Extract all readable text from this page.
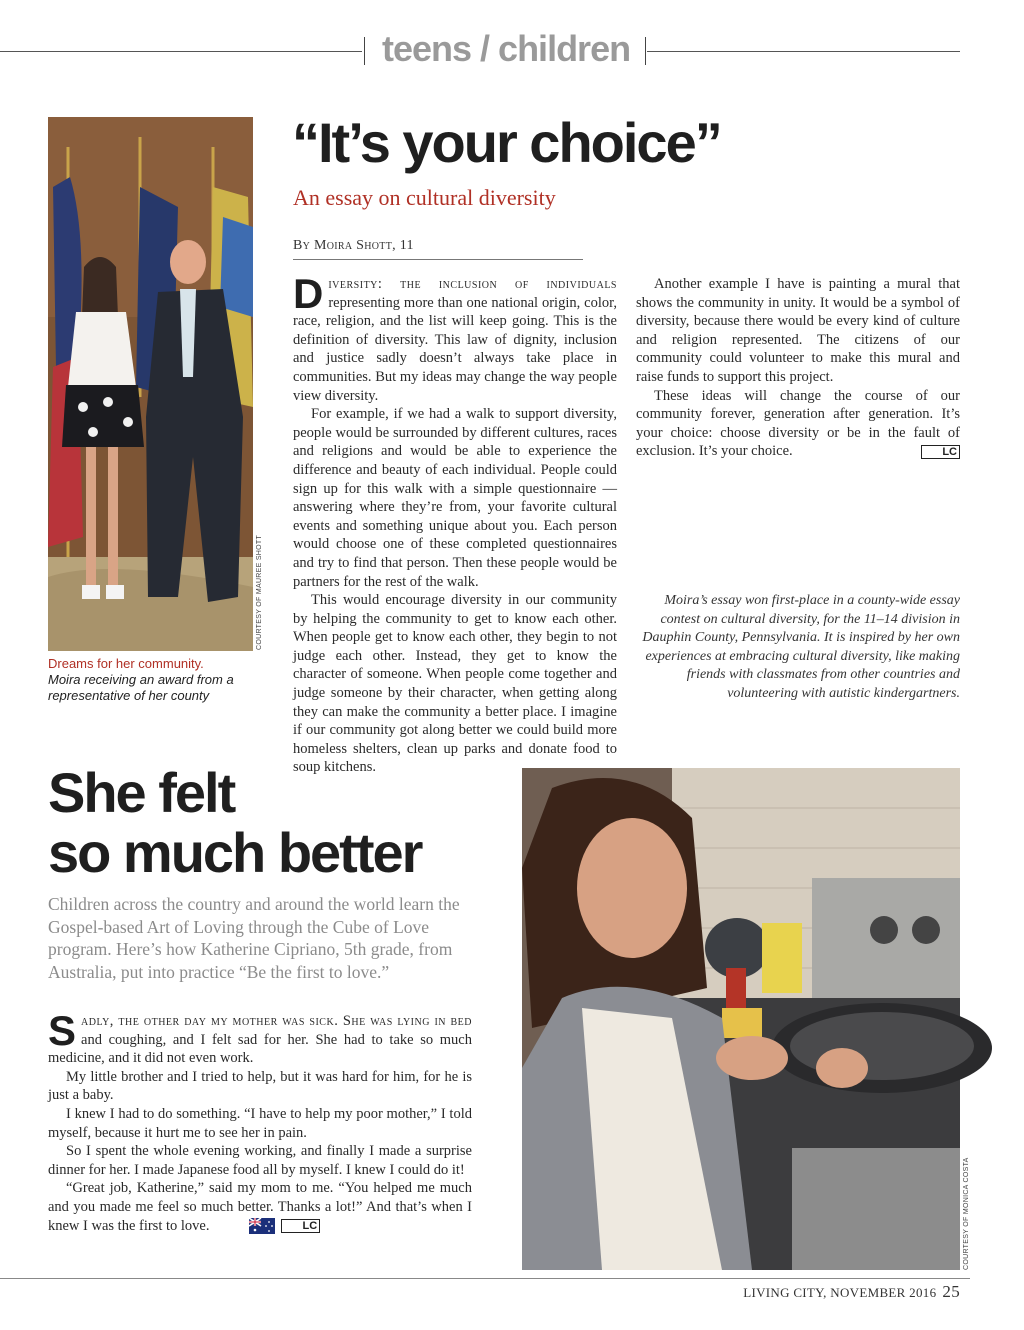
teens / children
COURTESY OF MAUREE SHOTT
Dreams for her community.
Moira receiving an award from a representative of her county
“It’s your choice”
An essay on cultural diversity
By Moira Shott, 11

Diversity: the inclusion of individuals representing more than one national origin, color, race, religion, and the list will keep going. This is the definition of diversity. This law of dignity, inclusion and justice sadly doesn’t always take place in communities. But my ideas may change the way people view diversity.

For example, if we had a walk to support diversity, people would be surrounded by different cultures, races and religions and would be able to experience the difference and beauty of each individual. People could sign up for this walk with a simple questionnaire — answering where they’re from, your favorite cultural events and something unique about you. Each person would choose one of these completed questionnaires and try to find that person. Then these people would be partners for the rest of the walk.

This would encourage diversity in our community by helping the community to get to know each other. When people get to know each other, they begin to not judge each other. Instead, they get to know the character of someone. When people come together and judge someone by their character, when getting along they can make the community a better place. I imagine if our community got along better we could build more homeless shelters, clean up parks and donate food to soup kitchens.

Another example I have is painting a mural that shows the community in unity. It would be a symbol of diversity, because there would be every kind of culture and religion represented. The citizens of our community could volunteer to make this mural and raise funds to support this project.

These ideas will change the course of our community forever, generation after generation. It’s your choice: choose diversity or be in the fault of exclusion. It’s your choice.	LC

Moira’s essay won first-place in a county-wide essay contest on cultural diversity, for the 11–14 division in Dauphin County, Pennsylvania. It is inspired by her own experiences at embracing cultural diversity, like making friends with classmates from other countries and volunteering with autistic kindergartners.
She felt
so much better
Children across the country and around the world learn the Gospel-based Art of Loving through the Cube of Love program. Here’s how Katherine Cipriano, 5th grade, from Australia, put into practice “Be the first to love.”

Sadly, the other day my mother was sick. She was lying in bed and coughing, and I felt sad for her. She had to take so much medicine, and it did not even work.

My little brother and I tried to help, but it was hard for him, for he is just a baby.

I knew I had to do something. “I have to help my poor mother,” I told myself, because it hurt me to see her in pain.

So I spent the whole evening working, and finally I made a surprise dinner for her. I made Japanese food all by myself. I knew I could do it!

“Great job, Katherine,” said my mom to me. “You helped me much and you made me feel so much better. Thanks a lot!” And that’s when I knew I was the first to love.	LC	COURTESY OF MONICA COSTA
LIVING CITY, NOVEMBER 2016 25
